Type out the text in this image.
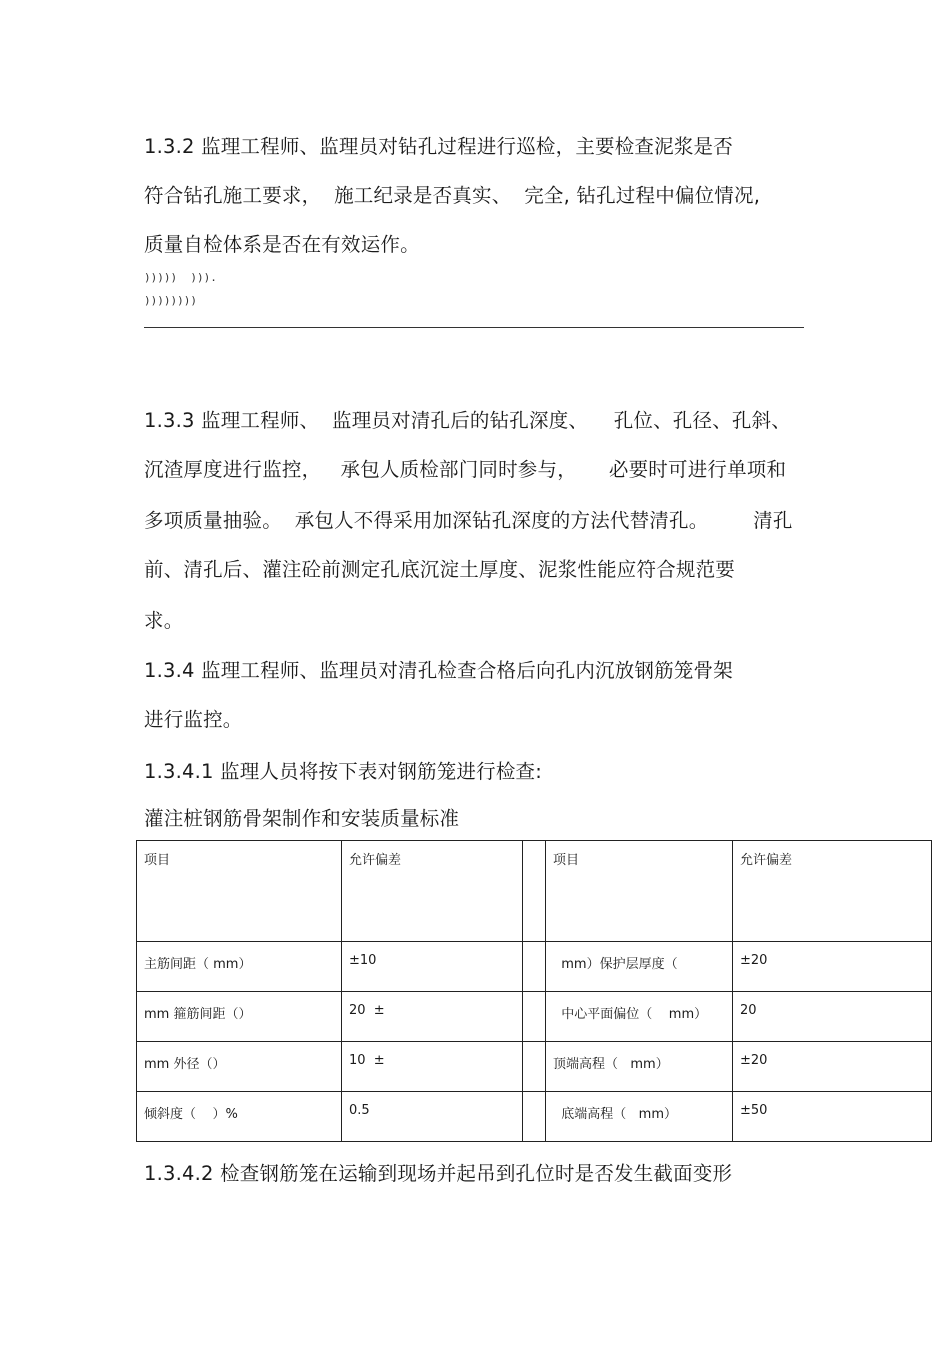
1.3.2 监理工程师、监理员对钻孔过程进行巡检，主要检查泥浆是否
符合钻孔施工要求，  施工纪录是否真实、  完全, 钻孔过程中偏位情况,
质量自检体系是否在有效运作。
)))))  ))).
))))))))
1.3.3 监理工程师、  监理员对清孔后的钻孔深度、    孔位、孔径、孔斜、
沉渣厚度进行监控，   承包人质检部门同时参与，     必要时可进行单项和
多项质量抽验。  承包人不得采用加深钻孔深度的方法代替清孔。       清孔
前、清孔后、灌注砼前测定孔底沉淀土厚度、泥浆性能应符合规范要
求。
1.3.4 监理工程师、监理员对清孔检查合格后向孔内沉放钢筋笼骨架
进行监控。
1.3.4.1 监理人员将按下表对钢筋笼进行检查:
灌注桩钢筋骨架制作和安装质量标准
项目	允许偏差		项目	允许偏差
主筋间距（ mm）	±10		mm）保护层厚度（	±20
mm 箍筋间距（）	20  ±		中心平面偏位（    mm）	20
mm 外径（）	10  ±		顶端高程（   mm）	±20
倾斜度（    ）%	0.5		底端高程（   mm）	±50
1.3.4.2 检查钢筋笼在运输到现场并起吊到孔位时是否发生截面变形
